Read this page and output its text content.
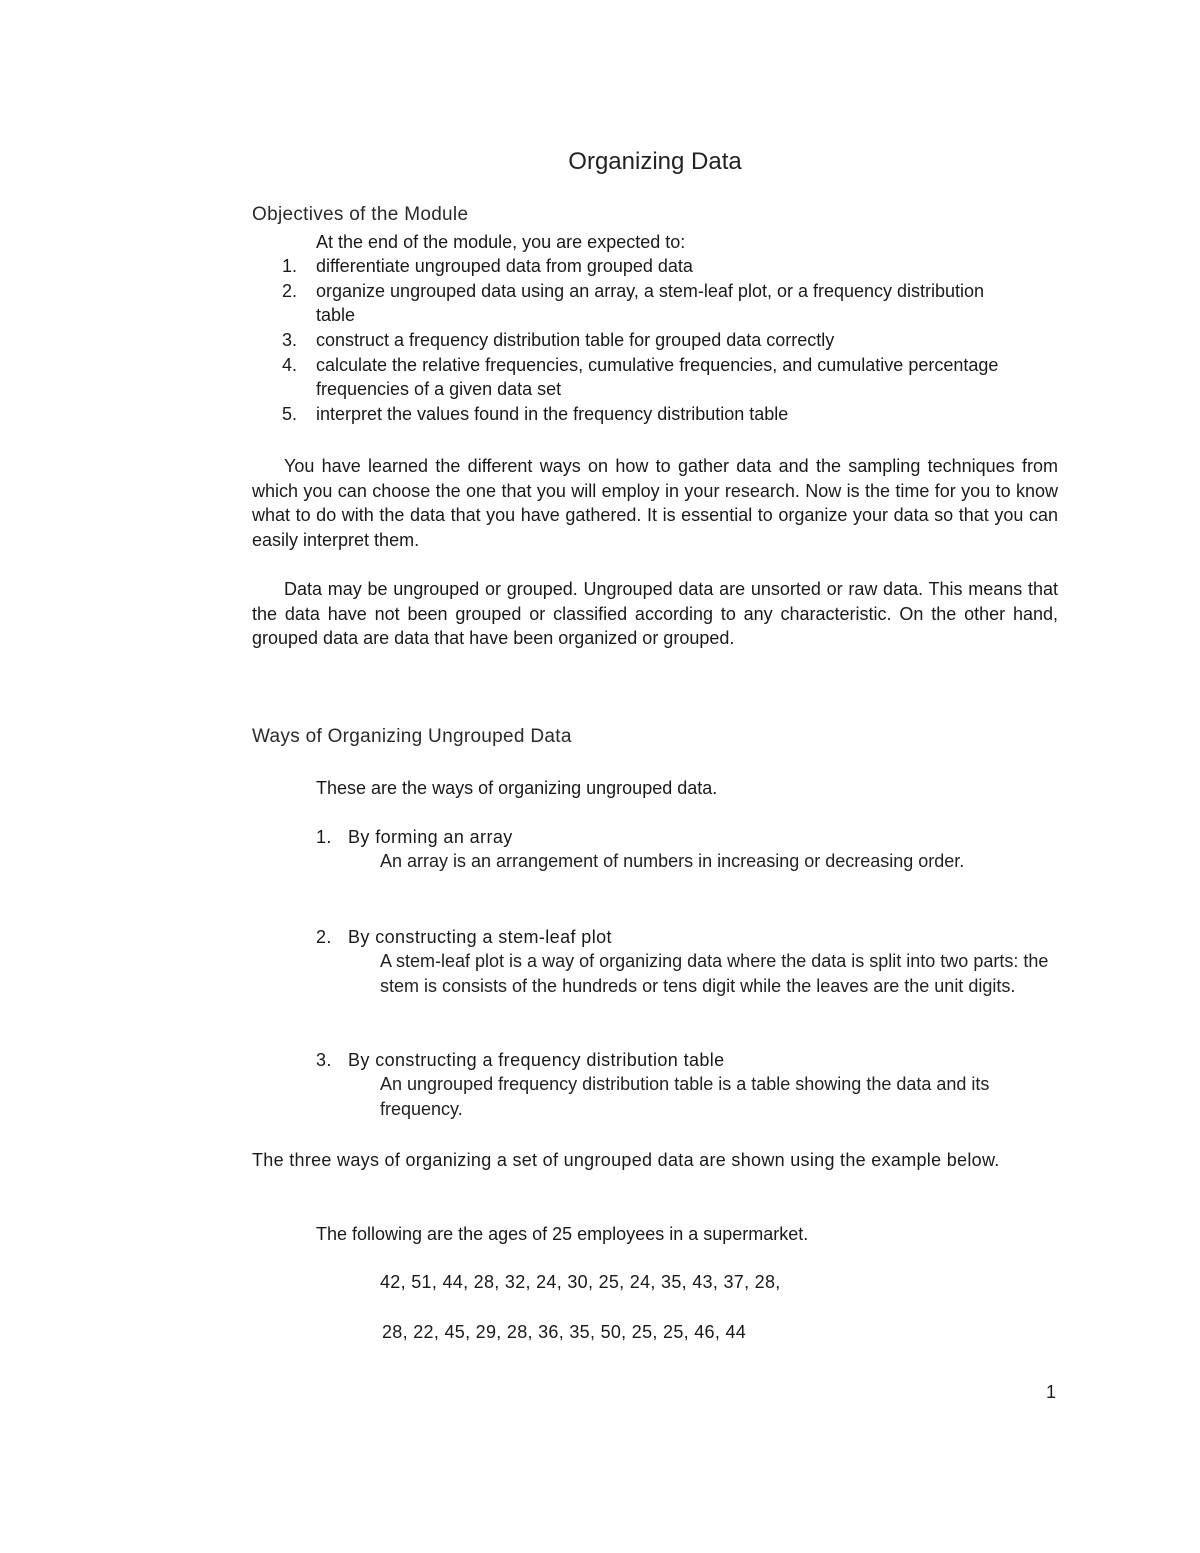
Organizing Data
Objectives of the Module
At the end of the module, you are expected to:
1. differentiate ungrouped data from grouped data
2. organize ungrouped data using an array, a stem-leaf plot, or a frequency distribution table
3. construct a frequency distribution table for grouped data correctly
4. calculate the relative frequencies, cumulative frequencies, and cumulative percentage frequencies of a given data set
5. interpret the values found in the frequency distribution table
You have learned the different ways on how to gather data and the sampling techniques from which you can choose the one that you will employ in your research. Now is the time for you to know what to do with the data that you have gathered. It is essential to organize your data so that you can easily interpret them.
Data may be ungrouped or grouped. Ungrouped data are unsorted or raw data. This means that the data have not been grouped or classified according to any characteristic. On the other hand, grouped data are data that have been organized or grouped.
Ways of Organizing Ungrouped Data
These are the ways of organizing ungrouped data.
1. By forming an array
An array is an arrangement of numbers in increasing or decreasing order.
2. By constructing a stem-leaf plot
A stem-leaf plot is a way of organizing data where the data is split into two parts: the stem is consists of the hundreds or tens digit while the leaves are the unit digits.
3. By constructing a frequency distribution table
An ungrouped frequency distribution table is a table showing the data and its frequency.
The three ways of organizing a set of ungrouped data are shown using the example below.
The following are the ages of 25 employees in a supermarket.
42, 51, 44, 28, 32, 24, 30, 25, 24, 35, 43, 37, 28,
28, 22, 45, 29, 28, 36, 35, 50, 25, 25, 46, 44
1
